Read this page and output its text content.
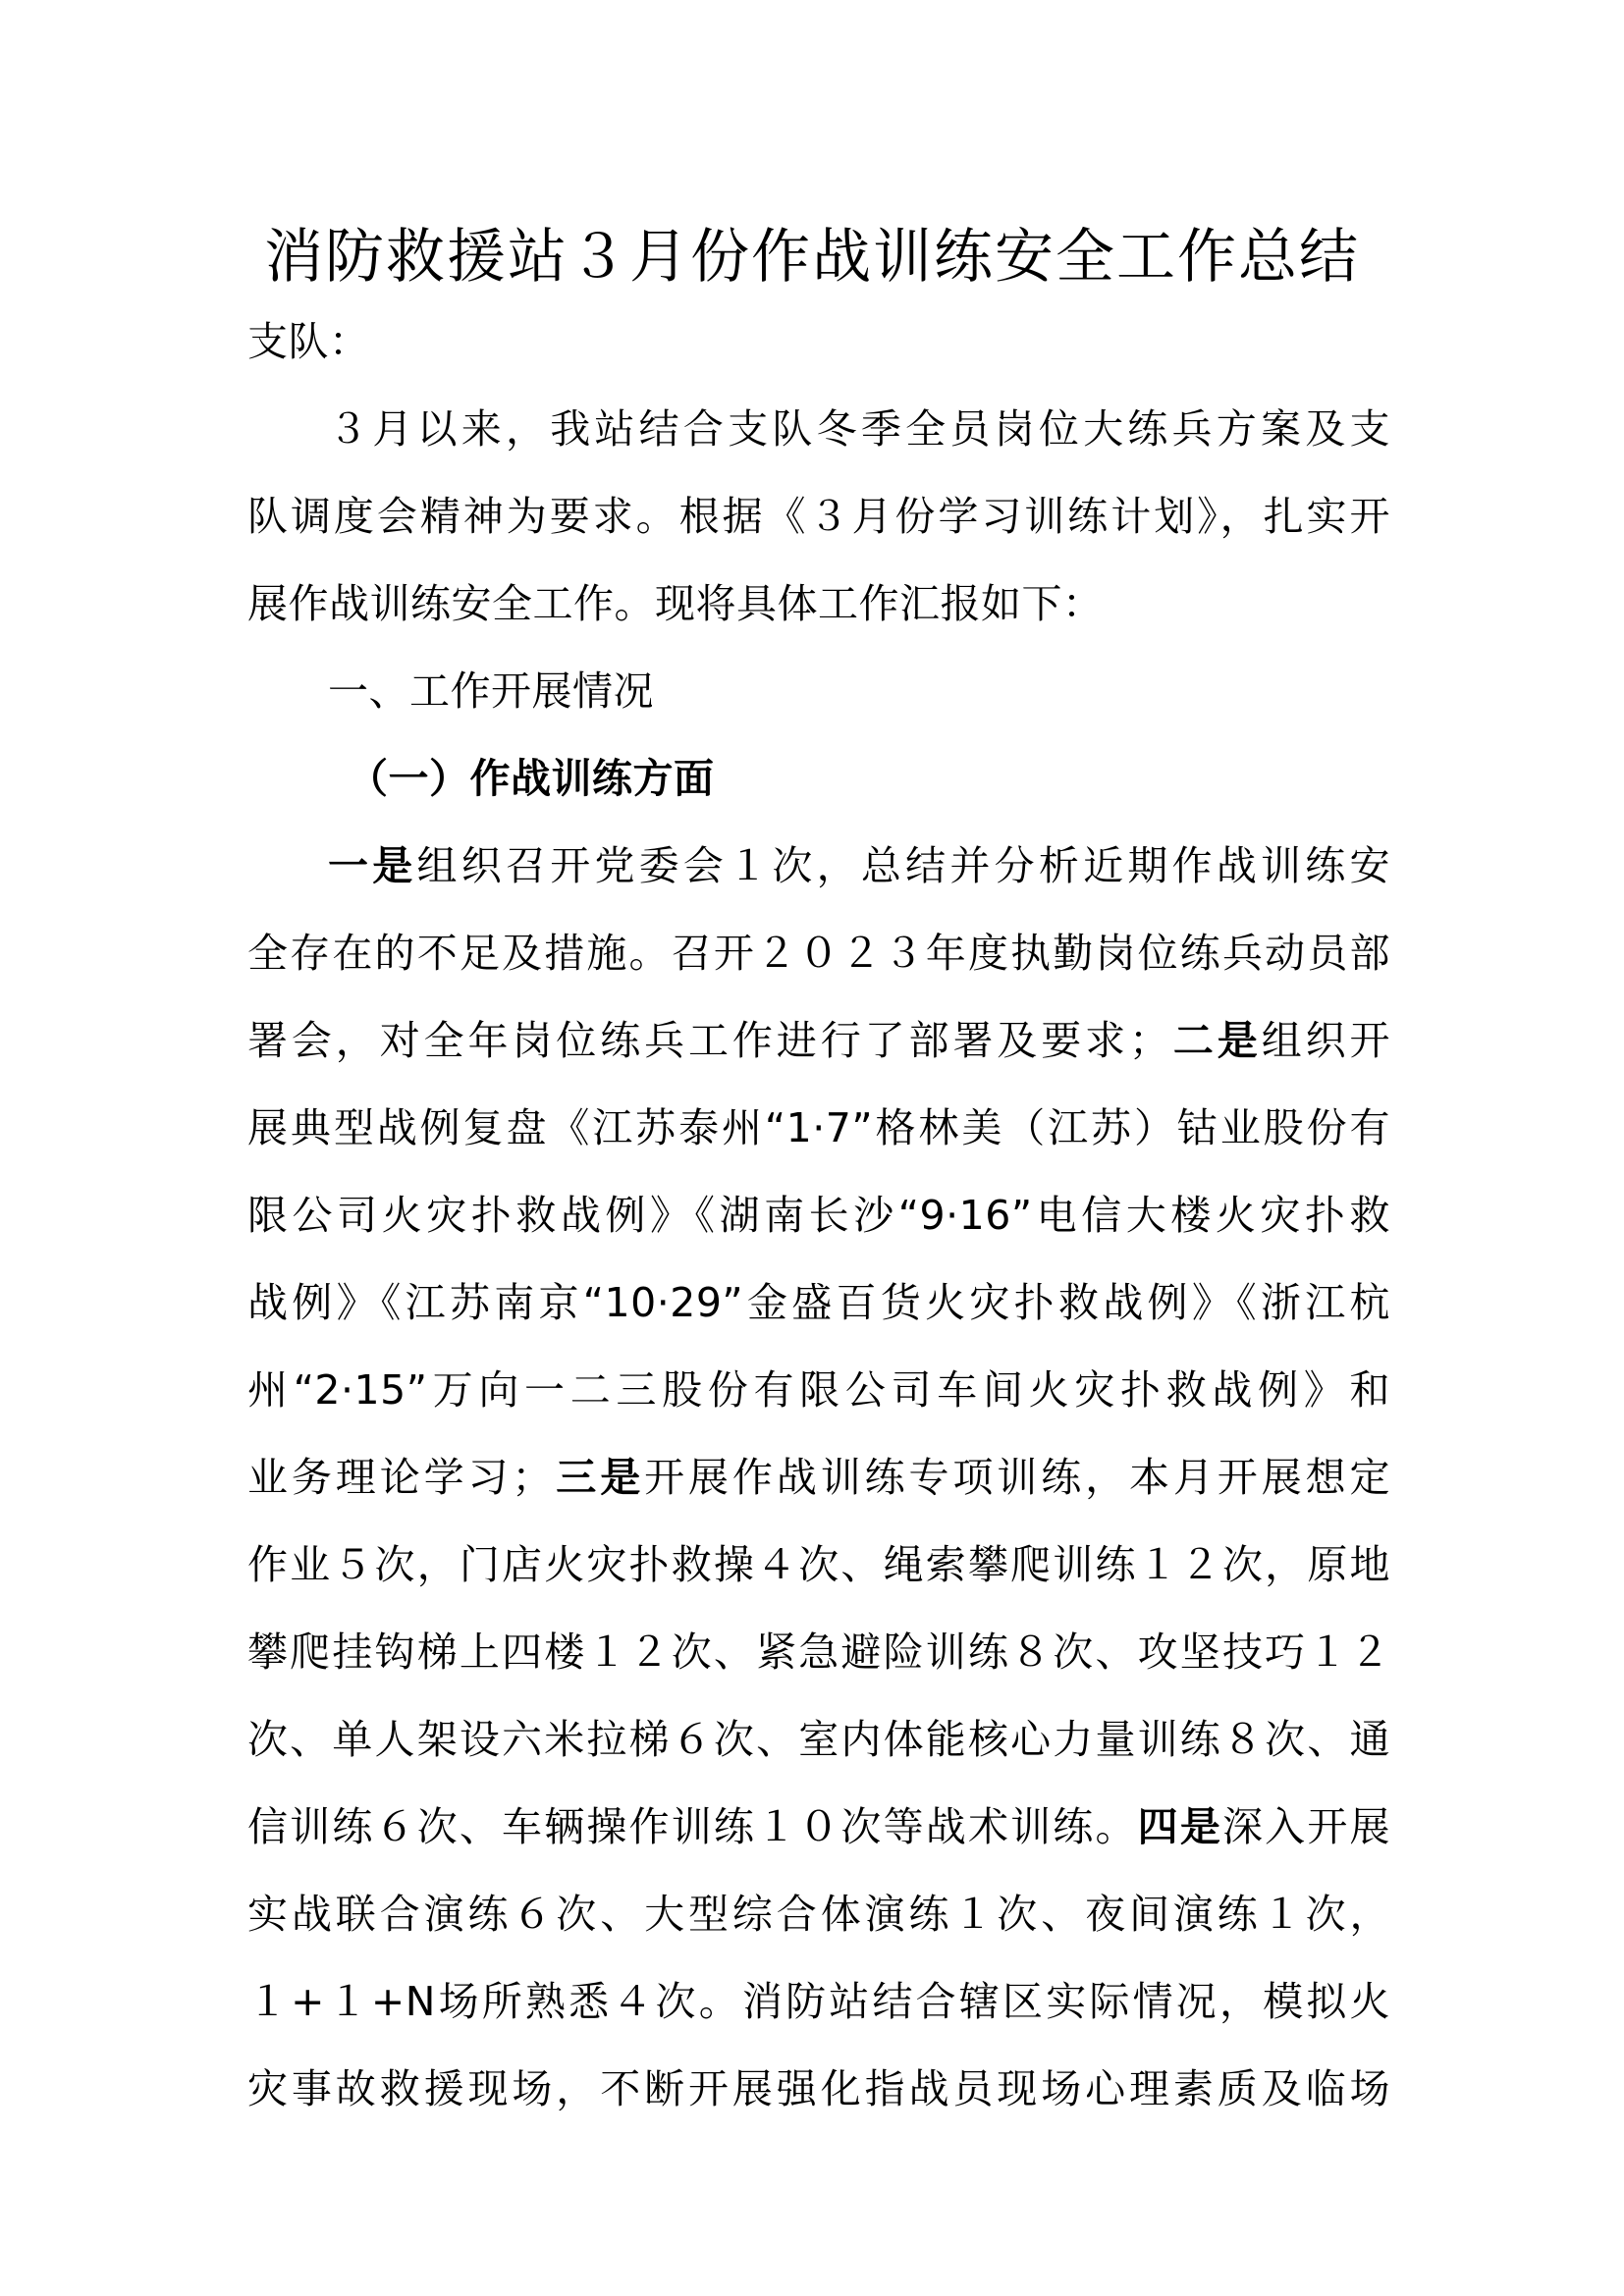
消防救援站３月份作战训练安全工作总结
支队：
３月以来，我站结合支队冬季全员岗位大练兵方案及支
队调度会精神为要求。根据《３月份学习训练计划》，扎实开
展作战训练安全工作。现将具体工作汇报如下：
一、工作开展情况
（一）作战训练方面
一是组织召开党委会１次，总结并分析近期作战训练安
全存在的不足及措施。召开２０２３年度执勤岗位练兵动员部
署会，对全年岗位练兵工作进行了部署及要求；二是组织开
展典型战例复盘《江苏泰州“1·7”格林美（江苏）钴业股份有
限公司火灾扑救战例》《湖南长沙“9·16”电信大楼火灾扑救
战例》《江苏南京“10·29”金盛百货火灾扑救战例》《浙江杭
州“2·15”万向一二三股份有限公司车间火灾扑救战例》和
业务理论学习；三是开展作战训练专项训练，本月开展想定
作业５次，门店火灾扑救操４次、绳索攀爬训练１２次，原地
攀爬挂钩梯上四楼１２次、紧急避险训练８次、攻坚技巧１２
次、单人架设六米拉梯６次、室内体能核心力量训练８次、通
信训练６次、车辆操作训练１０次等战术训练。四是深入开展
实战联合演练６次、大型综合体演练１次、夜间演练１次，
１+１+N场所熟悉４次。消防站结合辖区实际情况，模拟火
灾事故救援现场，不断开展强化指战员现场心理素质及临场
